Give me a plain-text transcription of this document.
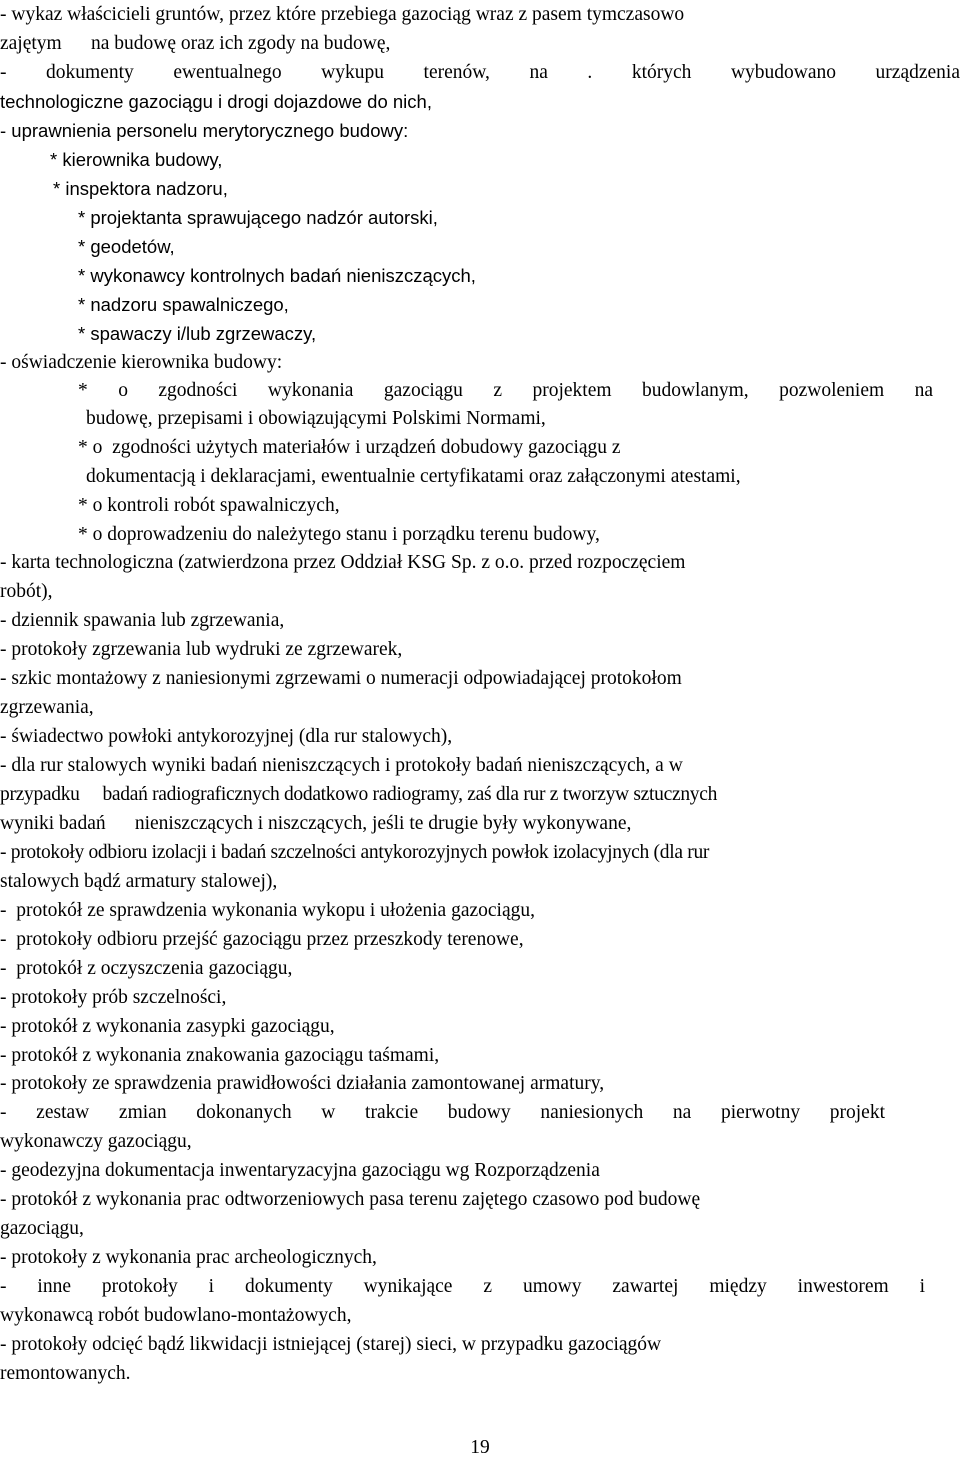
- wykaz właścicieli gruntów, przez które przebiega gazociąg wraz z pasem tymczasowo
zajętym      na budowę oraz ich zgody na budowę,
- dokumenty ewentualnego wykupu terenów, na . których wybudowano urządzenia
technologiczne gazociągu i drogi dojazdowe do nich,
- uprawnienia personelu merytorycznego budowy:
* kierownika budowy,
* inspektora nadzoru,
* projektanta sprawującego nadzór autorski,
* geodetów,
* wykonawcy kontrolnych badań nieniszczących,
* nadzoru spawalniczego,
* spawaczy i/lub zgrzewaczy,
- oświadczenie kierownika budowy:
* o zgodności wykonania gazociągu z projektem budowlanym, pozwoleniem na
budowę, przepisami i obowiązującymi Polskimi Normami,
* o  zgodności użytych materiałów i urządzeń dobudowy gazociągu z
dokumentacją i deklaracjami, ewentualnie certyfikatami oraz załączonymi atestami,
* o kontroli robót spawalniczych,
* o doprowadzeniu do należytego stanu i porządku terenu budowy,
- karta technologiczna (zatwierdzona przez Oddział KSG Sp. z o.o. przed rozpoczęciem
robót),
- dziennik spawania lub zgrzewania,
- protokoły zgrzewania lub wydruki ze zgrzewarek,
- szkic montażowy z naniesionymi zgrzewami o numeracji odpowiadającej protokołom
zgrzewania,
- świadectwo powłoki antykorozyjnej (dla rur stalowych),
- dla rur stalowych wyniki badań nieniszczących i protokoły badań nieniszczących, a w
przypadku     badań radiograficznych dodatkowo radiogramy, zaś dla rur z tworzyw sztucznych
wyniki badań      nieniszczących i niszczących, jeśli te drugie były wykonywane,
- protokoły odbioru izolacji i badań szczelności antykorozyjnych powłok izolacyjnych (dla rur
stalowych bądź armatury stalowej),
-  protokół ze sprawdzenia wykonania wykopu i ułożenia gazociągu,
-  protokoły odbioru przejść gazociągu przez przeszkody terenowe,
-  protokół z oczyszczenia gazociągu,
- protokoły prób szczelności,
- protokół z wykonania zasypki gazociągu,
- protokół z wykonania znakowania gazociągu taśmami,
- protokoły ze sprawdzenia prawidłowości działania zamontowanej armatury,
- zestaw zmian dokonanych w trakcie budowy naniesionych na pierwotny projekt
wykonawczy gazociągu,
- geodezyjna dokumentacja inwentaryzacyjna gazociągu wg Rozporządzenia
- protokół z wykonania prac odtworzeniowych pasa terenu zajętego czasowo pod budowę
gazociągu,
- protokoły z wykonania prac archeologicznych,
- inne protokoły i dokumenty wynikające z umowy zawartej między inwestorem i
wykonawcą robót budowlano-montażowych,
- protokoły odcięć bądź likwidacji istniejącej (starej) sieci, w przypadku gazociągów
remontowanych.
19
